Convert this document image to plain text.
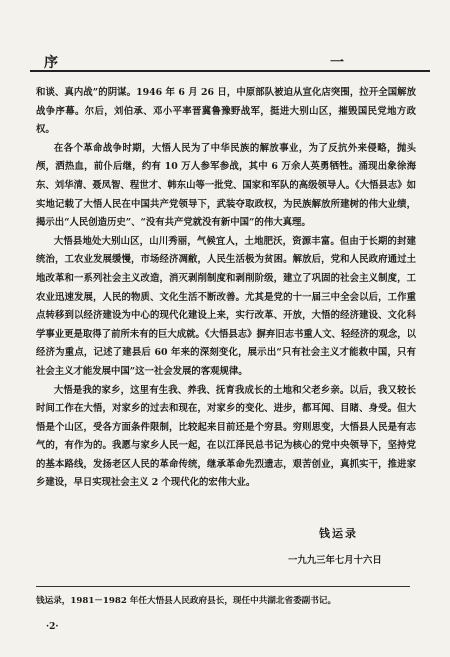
序	一

和谈、真内战”的阴谋。1946 年 6 月 26 日，中原部队被迫从宣化店突围，拉开全国解放战争序幕。尔后，刘伯承、邓小平率晋冀鲁豫野战军，挺进大别山区，摧毁国民党地方政权。

在各个革命战争时期，大悟人民为了中华民族的解放事业，为了反抗外来侵略，抛头颅，洒热血，前仆后继，约有 10 万人参军参战，其中 6 万余人英勇牺牲。涌现出象徐海东、刘华清、聂凤智、程世才、韩东山等一批党、国家和军队的高级领导人。《大悟县志》如实地记载了大悟人民在中国共产党领导下，武装夺取政权，为民族解放所建树的伟大业绩，揭示出“人民创造历史”、“没有共产党就没有新中国”的伟大真理。

大悟县地处大别山区，山川秀丽，气候宜人，土地肥沃，资源丰富。但由于长期的封建统治，工农业发展缓慢，市场经济凋敝，人民生活极为贫困。解放后，党和人民政府通过土地改革和一系列社会主义改造，消灭剥削制度和剥削阶级，建立了巩固的社会主义制度，工农业迅速发展，人民的物质、文化生活不断改善。尤其是党的十一届三中全会以后，工作重点转移到以经济建设为中心的现代化建设上来，实行改革、开放，大悟的经济建设、文化科学事业更是取得了前所未有的巨大成就。《大悟县志》摒弃旧志书重人文、轻经济的观念，以经济为重点，记述了建县后 60 年来的深刻变化，展示出“只有社会主义才能救中国，只有社会主义才能发展中国”这一社会发展的客观规律。

大悟是我的家乡，这里有生我、养我、抚育我成长的土地和父老乡亲。以后，我又较长时间工作在大悟，对家乡的过去和现在，对家乡的变化、进步，都耳闻、目睹、身受。但大悟是个山区，受各方面条件限制，比较起来目前还是个穷县。穷则思变，大悟县人民是有志气的，有作为的。我愿与家乡人民一起，在以江泽民总书记为核心的党中央领导下，坚持党的基本路线，发扬老区人民的革命传统，继承革命先烈遗志，艰苦创业，真抓实干，推进家乡建设，早日实现社会主义 2 个现代化的宏伟大业。

钱运录
一九九三年七月十六日
钱运录，1981－1982 年任大悟县人民政府县长，现任中共湖北省委副书记。
·2·
